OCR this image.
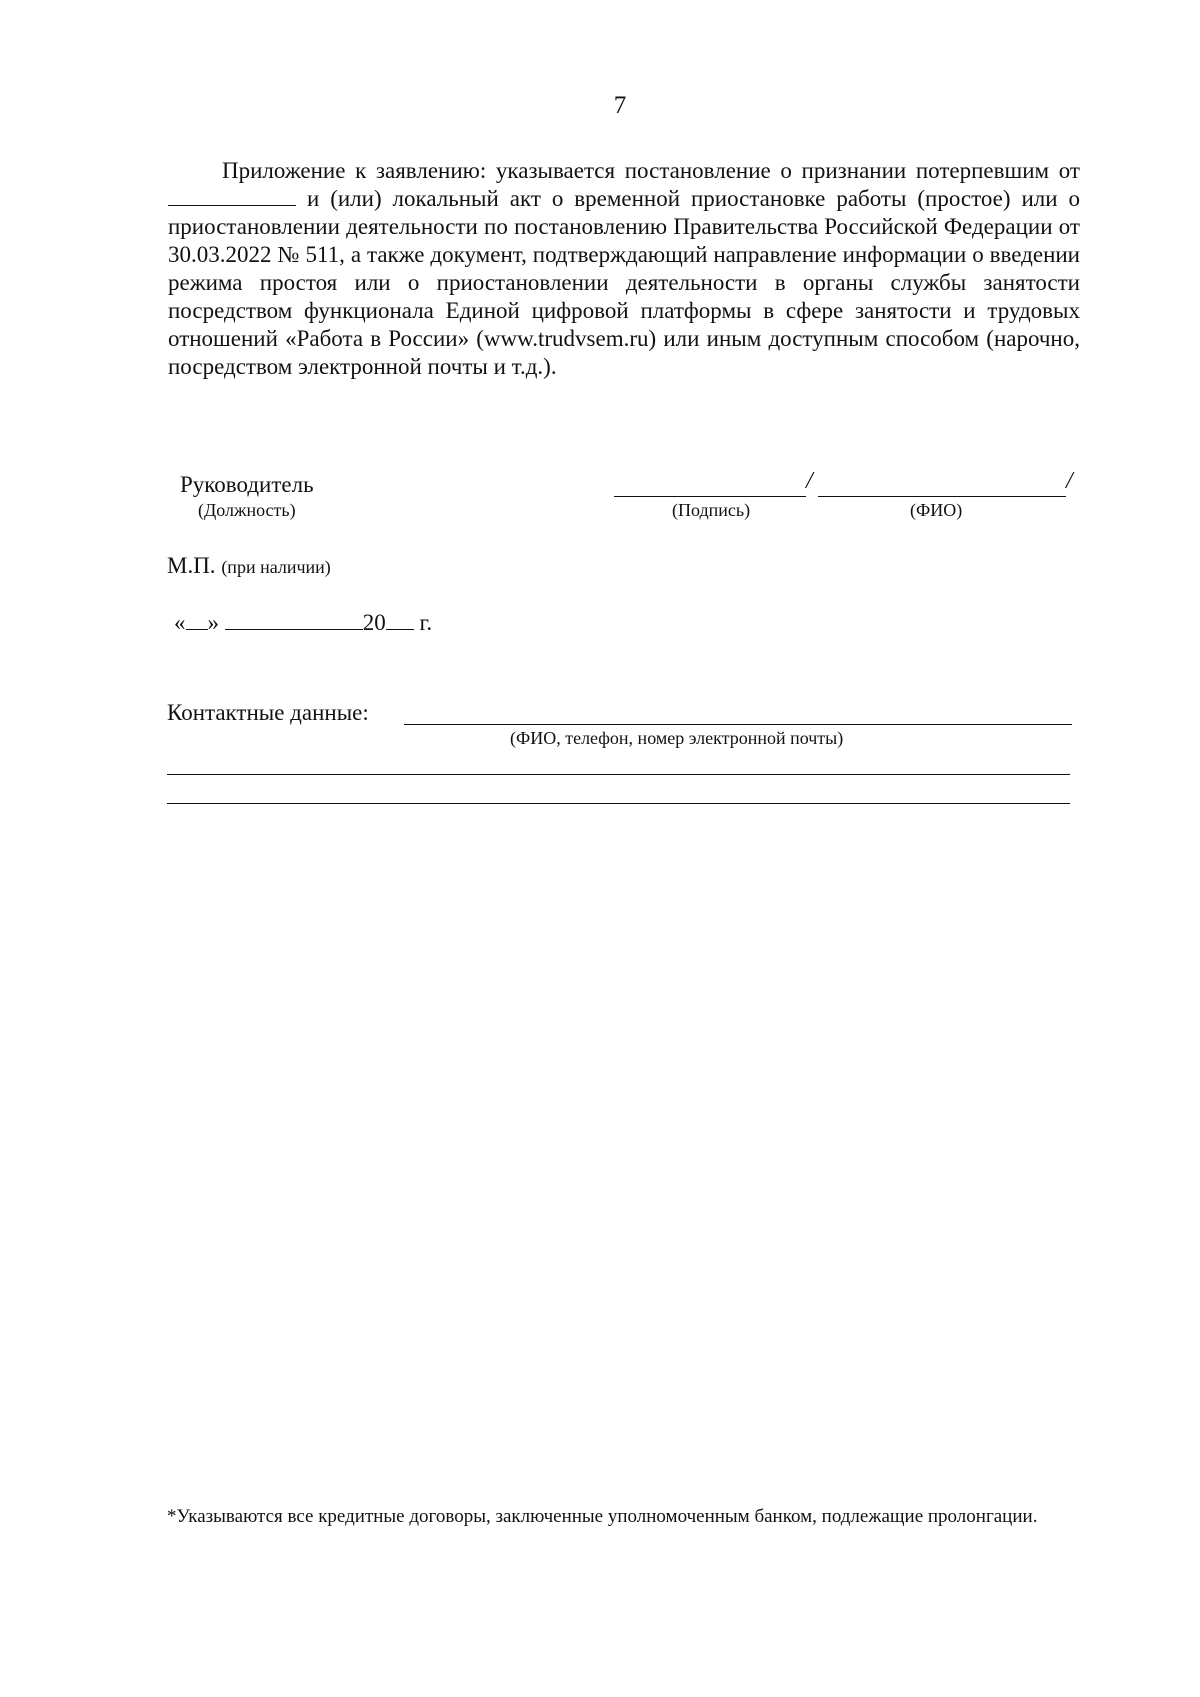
7
Приложение к заявлению: указывается постановление о признании потерпевшим от  и (или) локальный акт о временной приостановке работы (простое) или о приостановлении деятельности по постановлению Правительства Российской Федерации от 30.03.2022 № 511, а также документ, подтверждающий направление информации о введении режима простоя или о приостановлении деятельности в органы службы занятости посредством функционала Единой цифровой платформы в сфере занятости и трудовых отношений «Работа в России» (www.trudvsem.ru) или иным доступным способом (нарочно, посредством электронной почты и т.д.).
Руководитель
(Должность)
/	/
(Подпись)	(ФИО)
М.П. (при наличии)
« »	20 г.
Контактные данные:
(ФИО, телефон, номер электронной почты)
*Указываются все кредитные договоры, заключенные уполномоченным банком, подлежащие пролонгации.
